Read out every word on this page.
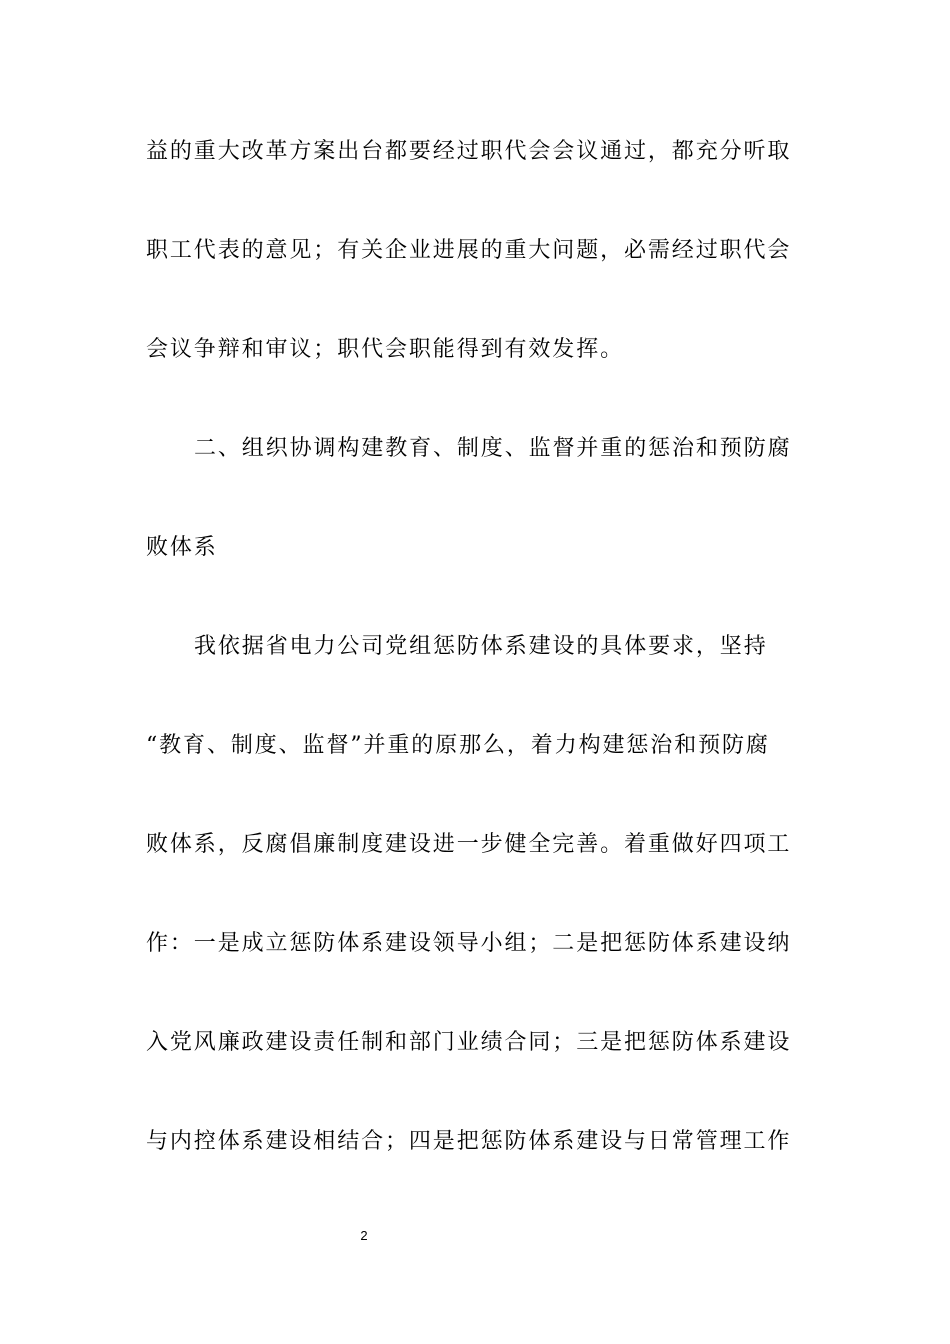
益的重大改革方案出台都要经过职代会会议通过，都充分听取
职工代表的意见；有关企业进展的重大问题，必需经过职代会
会议争辩和审议；职代会职能得到有效发挥。
二、组织协调构建教育、制度、监督并重的惩治和预防腐
败体系
我依据省电力公司党组惩防体系建设的具体要求，坚持
“教育、制度、监督”并重的原那么，着力构建惩治和预防腐
败体系，反腐倡廉制度建设进一步健全完善。着重做好四项工
作：一是成立惩防体系建设领导小组；二是把惩防体系建设纳
入党风廉政建设责任制和部门业绩合同；三是把惩防体系建设
与内控体系建设相结合；四是把惩防体系建设与日常管理工作
2
